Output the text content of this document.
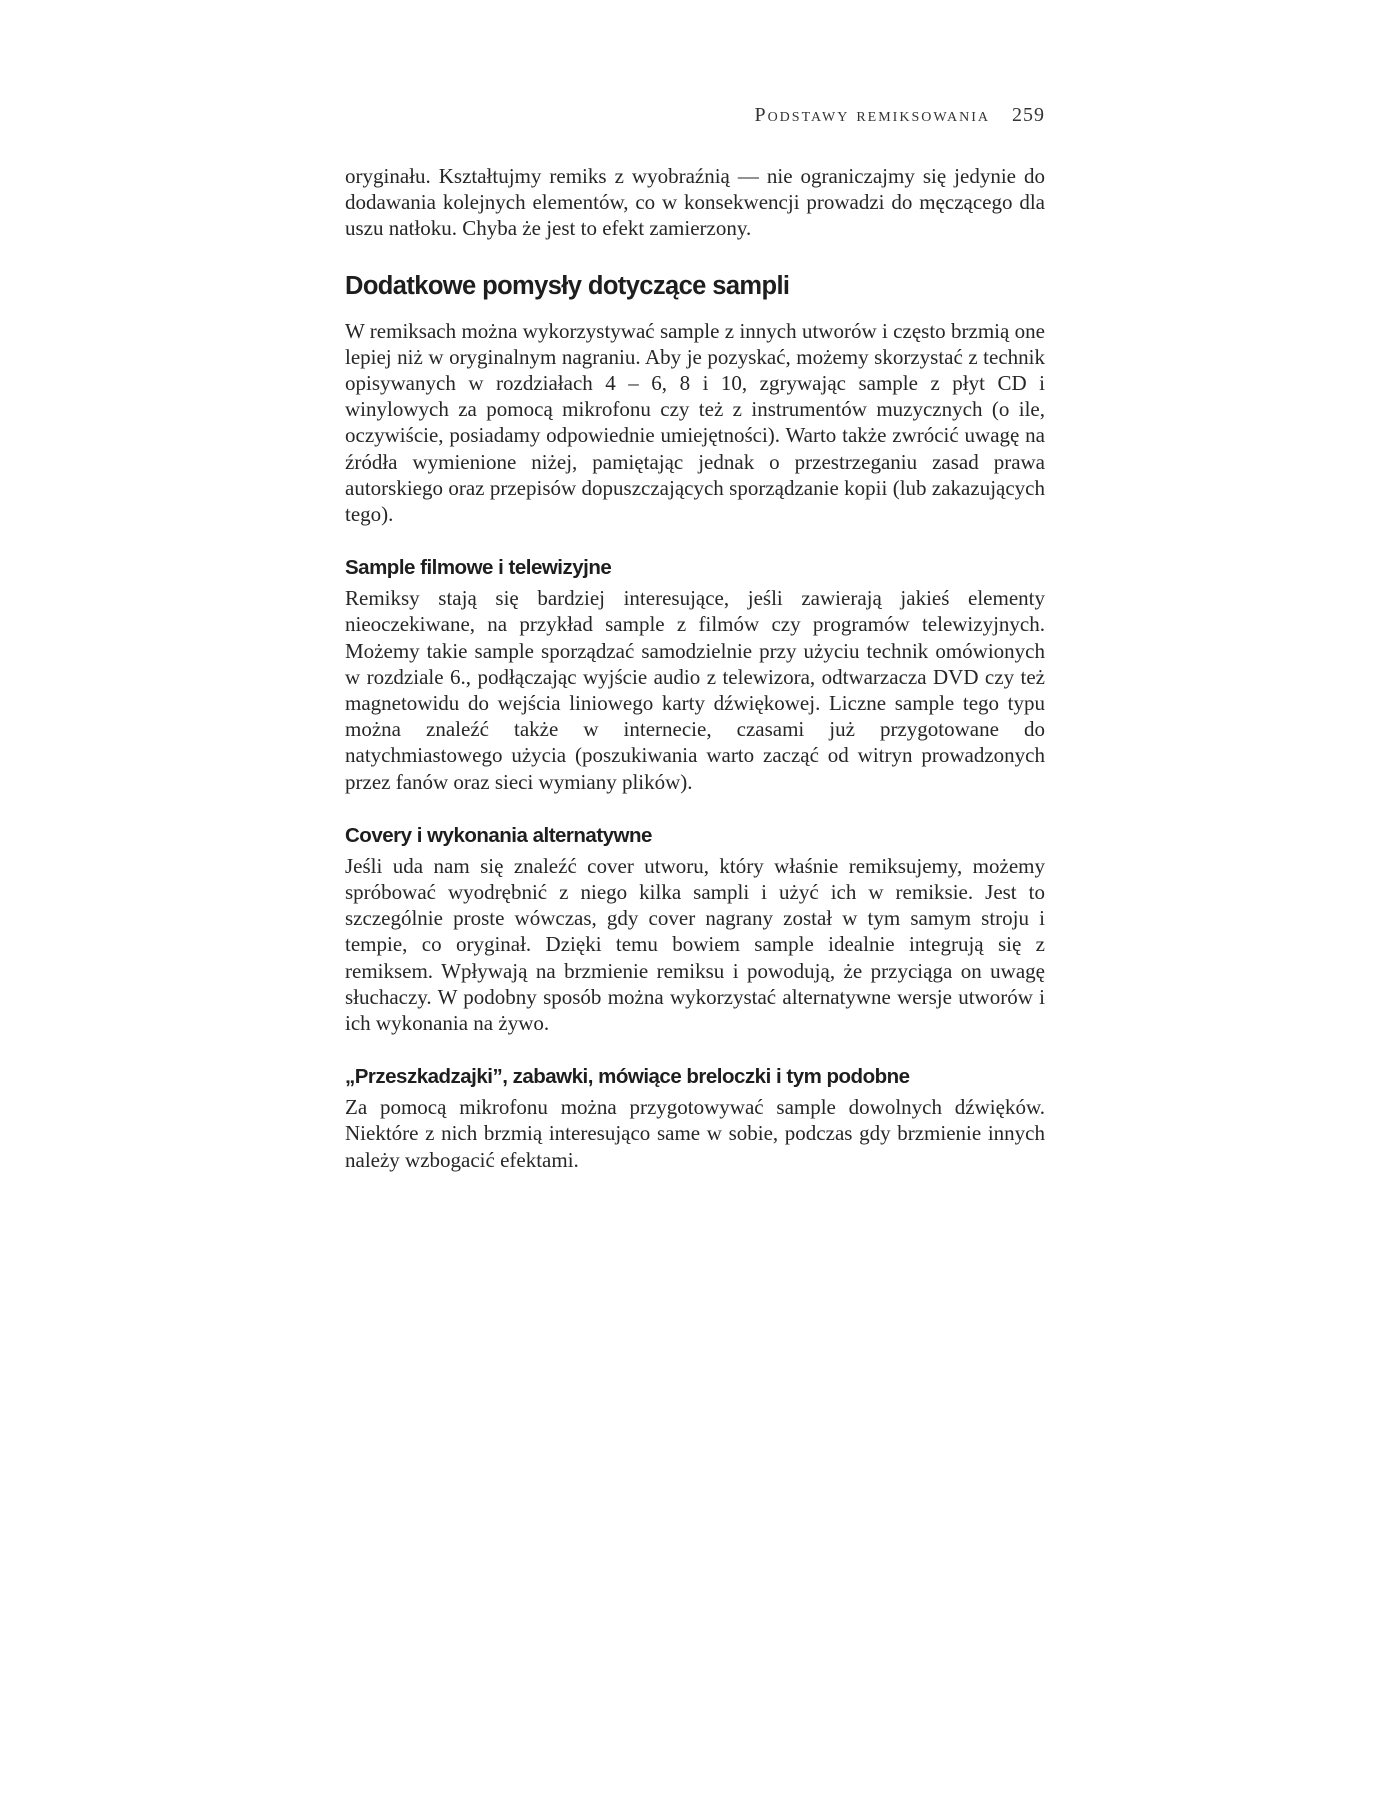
Podstawy remiksowania 259

oryginału. Kształtujmy remiks z wyobraźnią — nie ograniczajmy się jedynie do dodawania kolejnych elementów, co w konsekwencji prowadzi do męczącego dla uszu natłoku. Chyba że jest to efekt zamierzony.

Dodatkowe pomysły dotyczące sampli

W remiksach można wykorzystywać sample z innych utworów i często brzmią one lepiej niż w oryginalnym nagraniu. Aby je pozyskać, możemy skorzystać z technik opisywanych w rozdziałach 4 – 6, 8 i 10, zgrywając sample z płyt CD i winylowych za pomocą mikrofonu czy też z instrumentów muzycznych (o ile, oczywiście, posiadamy odpowiednie umiejętności). Warto także zwrócić uwagę na źródła wymienione niżej, pamiętając jednak o przestrzeganiu zasad prawa autorskiego oraz przepisów dopuszczających sporządzanie kopii (lub zakazujących tego).

Sample filmowe i telewizyjne

Remiksy stają się bardziej interesujące, jeśli zawierają jakieś elementy nieoczekiwane, na przykład sample z filmów czy programów telewizyjnych. Możemy takie sample sporządzać samodzielnie przy użyciu technik omówionych w rozdziale 6., podłączając wyjście audio z telewizora, odtwarzacza DVD czy też magnetowidu do wejścia liniowego karty dźwiękowej. Liczne sample tego typu można znaleźć także w internecie, czasami już przygotowane do natychmiastowego użycia (poszukiwania warto zacząć od witryn prowadzonych przez fanów oraz sieci wymiany plików).

Covery i wykonania alternatywne

Jeśli uda nam się znaleźć cover utworu, który właśnie remiksujemy, możemy spróbować wyodrębnić z niego kilka sampli i użyć ich w remiksie. Jest to szczególnie proste wówczas, gdy cover nagrany został w tym samym stroju i tempie, co oryginał. Dzięki temu bowiem sample idealnie integrują się z remiksem. Wpływają na brzmienie remiksu i powodują, że przyciąga on uwagę słuchaczy. W podobny sposób można wykorzystać alternatywne wersje utworów i ich wykonania na żywo.

„Przeszkadzajki”, zabawki, mówiące breloczki i tym podobne

Za pomocą mikrofonu można przygotowywać sample dowolnych dźwięków. Niektóre z nich brzmią interesująco same w sobie, podczas gdy brzmienie innych należy wzbogacić efektami.
